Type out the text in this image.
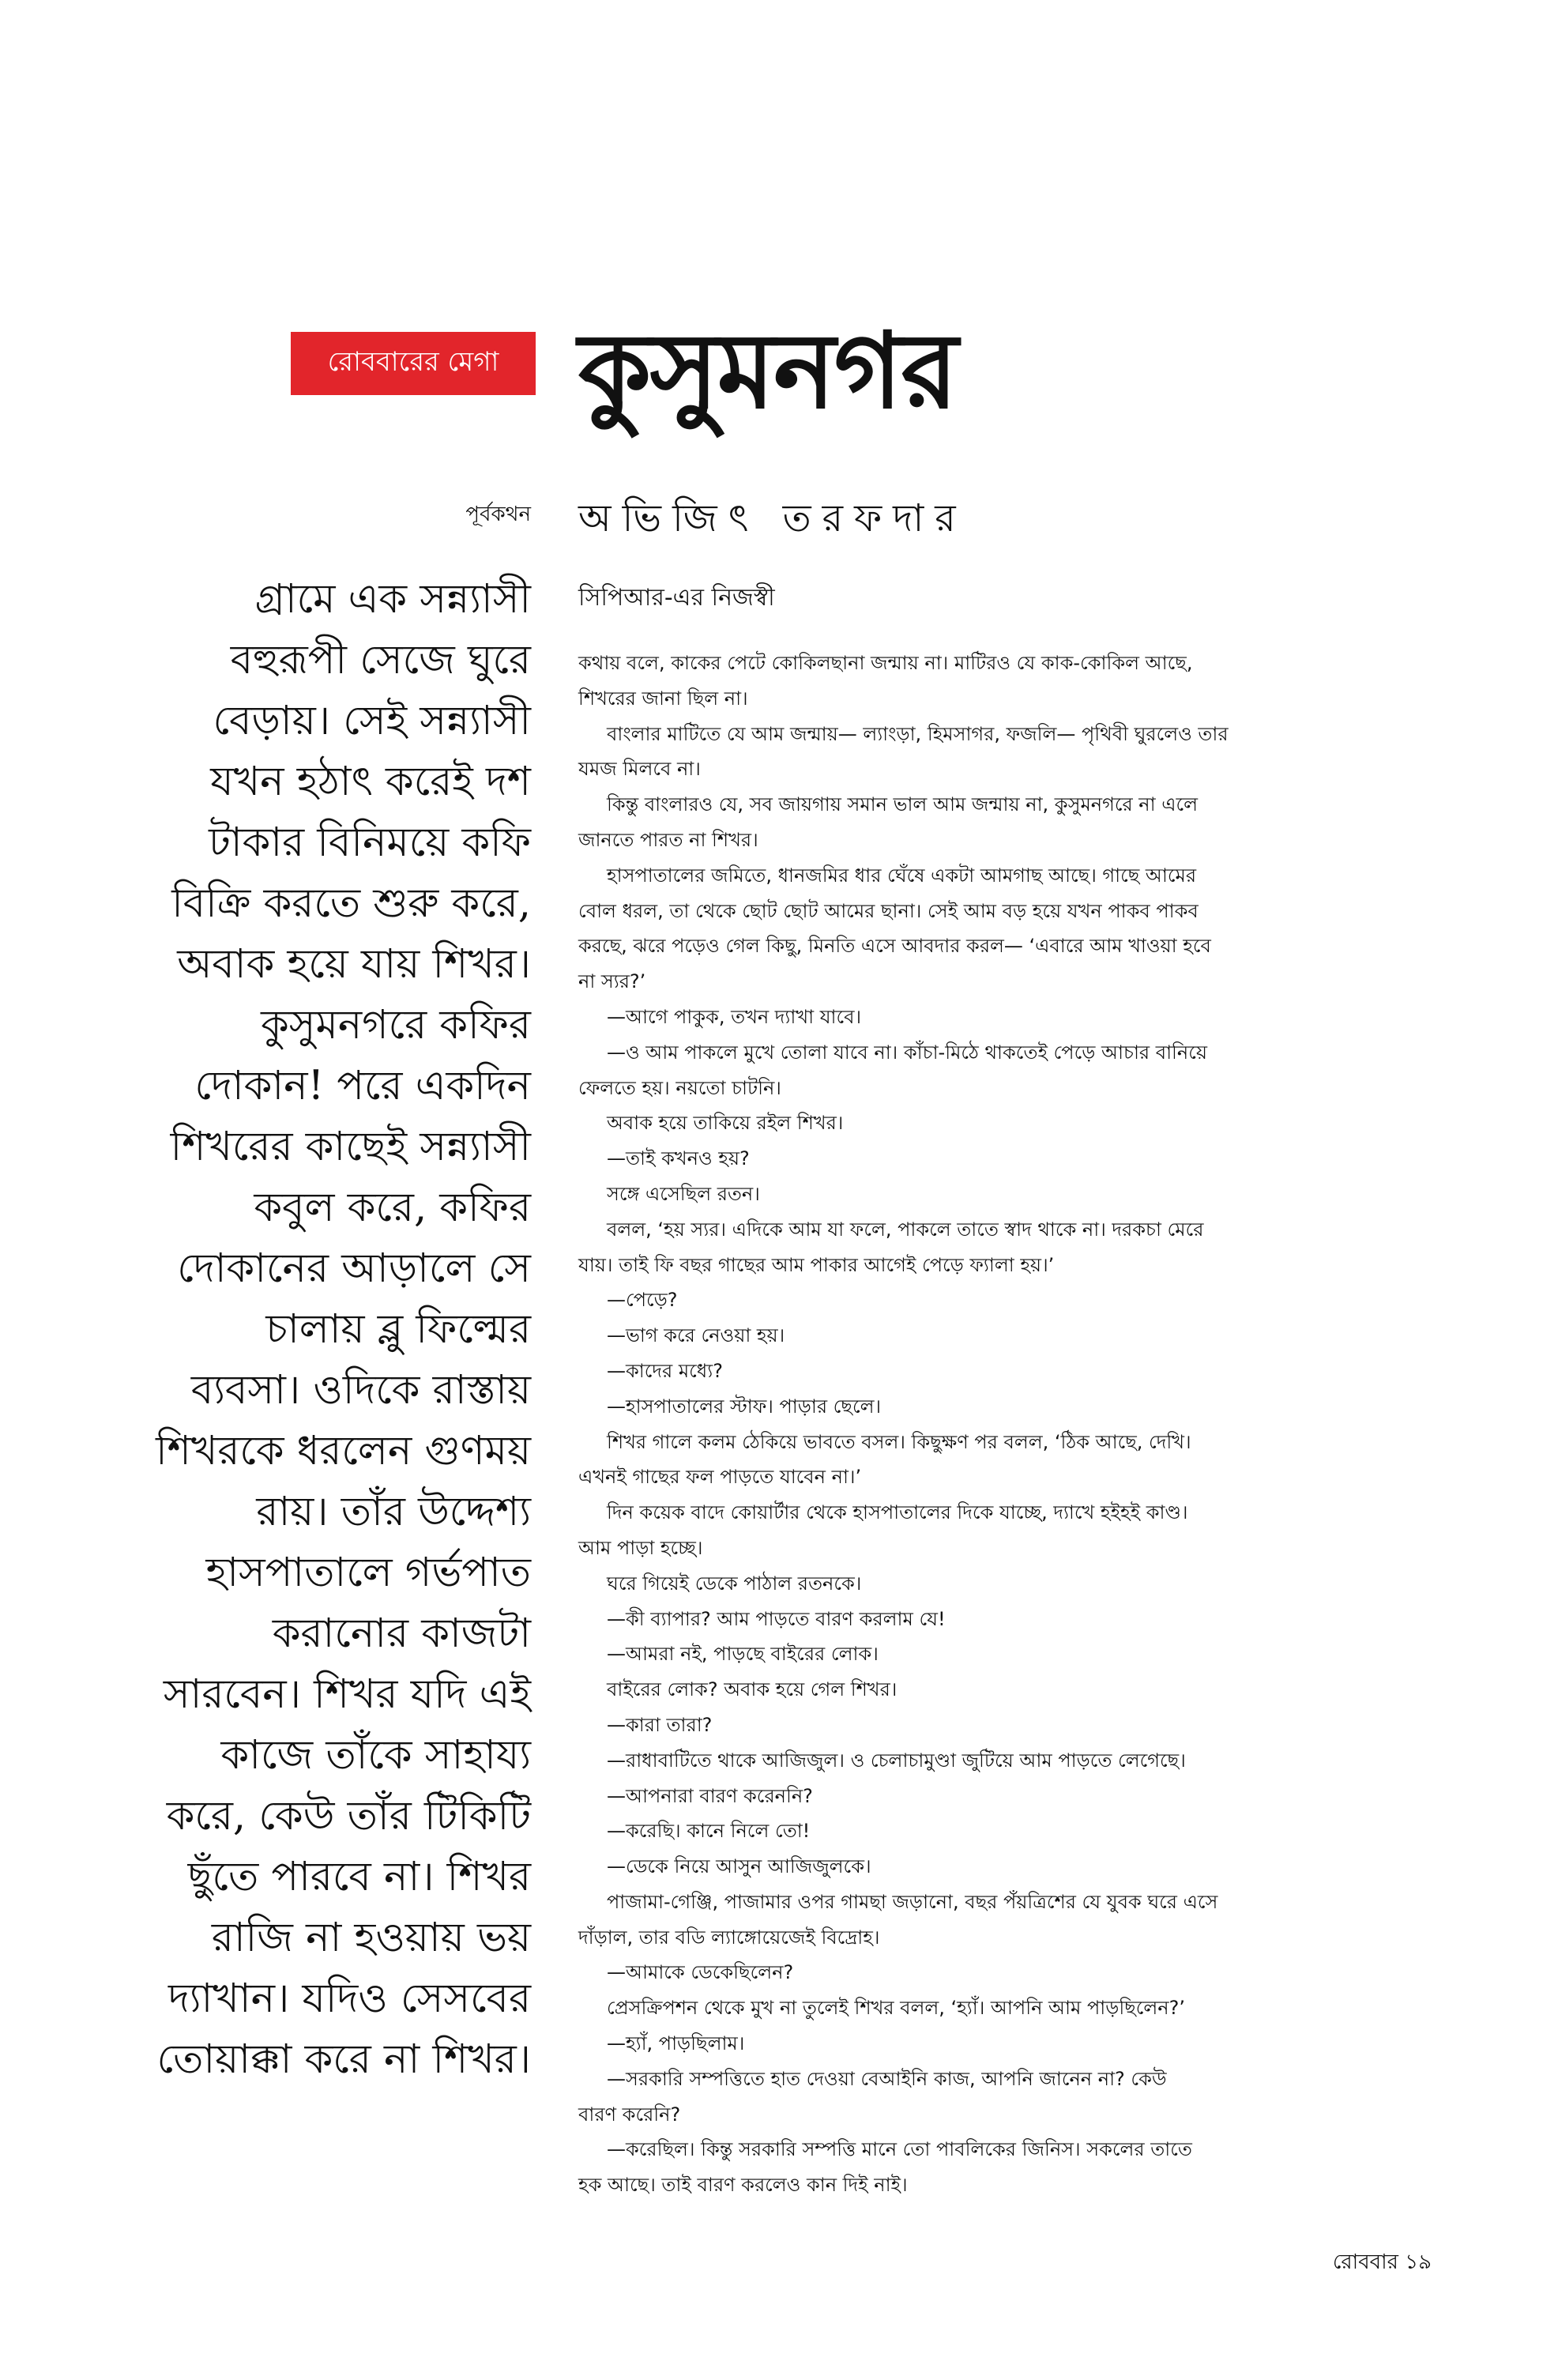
রোববারের মেগা কুসুমনগর
পূর্বকথন অভিজিৎ তরফদার
গ্রামে এক সন্ন্যাসী
বহুরূপী সেজে ঘুরে
বেড়ায়। সেই সন্ন্যাসী
যখন হঠাৎ করেই দশ
টাকার বিনিময়ে কফি
বিক্রি করতে শুরু করে,
অবাক হয়ে যায় শিখর।
কুসুমনগরে কফির
দোকান! পরে একদিন
শিখরের কাছেই সন্ন্যাসী
কবুল করে, কফির
দোকানের আড়ালে সে
চালায় ব্লু ফিল্মের
ব্যবসা। ওদিকে রাস্তায়
শিখরকে ধরলেন গুণময়
রায়। তাঁর উদ্দেশ্য
হাসপাতালে গর্ভপাত
করানোর কাজটা
সারবেন। শিখর যদি এই
কাজে তাঁকে সাহায্য
করে, কেউ তাঁর টিকিটি
ছুঁতে পারবে না। শিখর
রাজি না হওয়ায় ভয়
দ্যাখান। যদিও সেসবের
তোয়াক্কা করে না শিখর।
সিপিআর-এর নিজস্বী
কথায় বলে, কাকের পেটে কোকিলছানা জন্মায় না। মাটিরও যে কাক-কোকিল আছে,
শিখরের জানা ছিল না।
বাংলার মাটিতে যে আম জন্মায়— ল্যাংড়া, হিমসাগর, ফজলি— পৃথিবী ঘুরলেও তার
যমজ মিলবে না।
কিন্তু বাংলারও যে, সব জায়গায় সমান ভাল আম জন্মায় না, কুসুমনগরে না এলে
জানতে পারত না শিখর।
হাসপাতালের জমিতে, ধানজমির ধার ঘেঁষে একটা আমগাছ আছে। গাছে আমের
বোল ধরল, তা থেকে ছোট ছোট আমের ছানা। সেই আম বড় হয়ে যখন পাকব পাকব
করছে, ঝরে পড়েও গেল কিছু, মিনতি এসে আবদার করল— ‘এবারে আম খাওয়া হবে
না স্যর?’
—আগে পাকুক, তখন দ্যাখা যাবে।
—ও আম পাকলে মুখে তোলা যাবে না। কাঁচা-মিঠে থাকতেই পেড়ে আচার বানিয়ে
ফেলতে হয়। নয়তো চাটনি।
অবাক হয়ে তাকিয়ে রইল শিখর।
—তাই কখনও হয়?
সঙ্গে এসেছিল রতন।
বলল, ‘হয় স্যর। এদিকে আম যা ফলে, পাকলে তাতে স্বাদ থাকে না। দরকচা মেরে
যায়। তাই ফি বছর গাছের আম পাকার আগেই পেড়ে ফ্যালা হয়।’
—পেড়ে?
—ভাগ করে নেওয়া হয়।
—কাদের মধ্যে?
—হাসপাতালের স্টাফ। পাড়ার ছেলে।
শিখর গালে কলম ঠেকিয়ে ভাবতে বসল। কিছুক্ষণ পর বলল, ‘ঠিক আছে, দেখি।
এখনই গাছের ফল পাড়তে যাবেন না।’
দিন কয়েক বাদে কোয়ার্টার থেকে হাসপাতালের দিকে যাচ্ছে, দ্যাখে হইহই কাণ্ড।
আম পাড়া হচ্ছে।
ঘরে গিয়েই ডেকে পাঠাল রতনকে।
—কী ব্যাপার? আম পাড়তে বারণ করলাম যে!
—আমরা নই, পাড়ছে বাইরের লোক।
বাইরের লোক? অবাক হয়ে গেল শিখর।
—কারা তারা?
—রাধাবাটিতে থাকে আজিজুল। ও চেলাচামুণ্ডা জুটিয়ে আম পাড়তে লেগেছে।
—আপনারা বারণ করেননি?
—করেছি। কানে নিলে তো!
—ডেকে নিয়ে আসুন আজিজুলকে।
পাজামা-গেঞ্জি, পাজামার ওপর গামছা জড়ানো, বছর পঁয়ত্রিশের যে যুবক ঘরে এসে
দাঁড়াল, তার বডি ল্যাঙ্গোয়েজেই বিদ্রোহ।
—আমাকে ডেকেছিলেন?
প্রেসক্রিপশন থেকে মুখ না তুলেই শিখর বলল, ‘হ্যাঁ। আপনি আম পাড়ছিলেন?’
—হ্যাঁ, পাড়ছিলাম।
—সরকারি সম্পত্তিতে হাত দেওয়া বেআইনি কাজ, আপনি জানেন না? কেউ
বারণ করেনি?
—করেছিল। কিন্তু সরকারি সম্পত্তি মানে তো পাবলিকের জিনিস। সকলের তাতে
হক আছে। তাই বারণ করলেও কান দিই নাই।
রোববার ১৯
